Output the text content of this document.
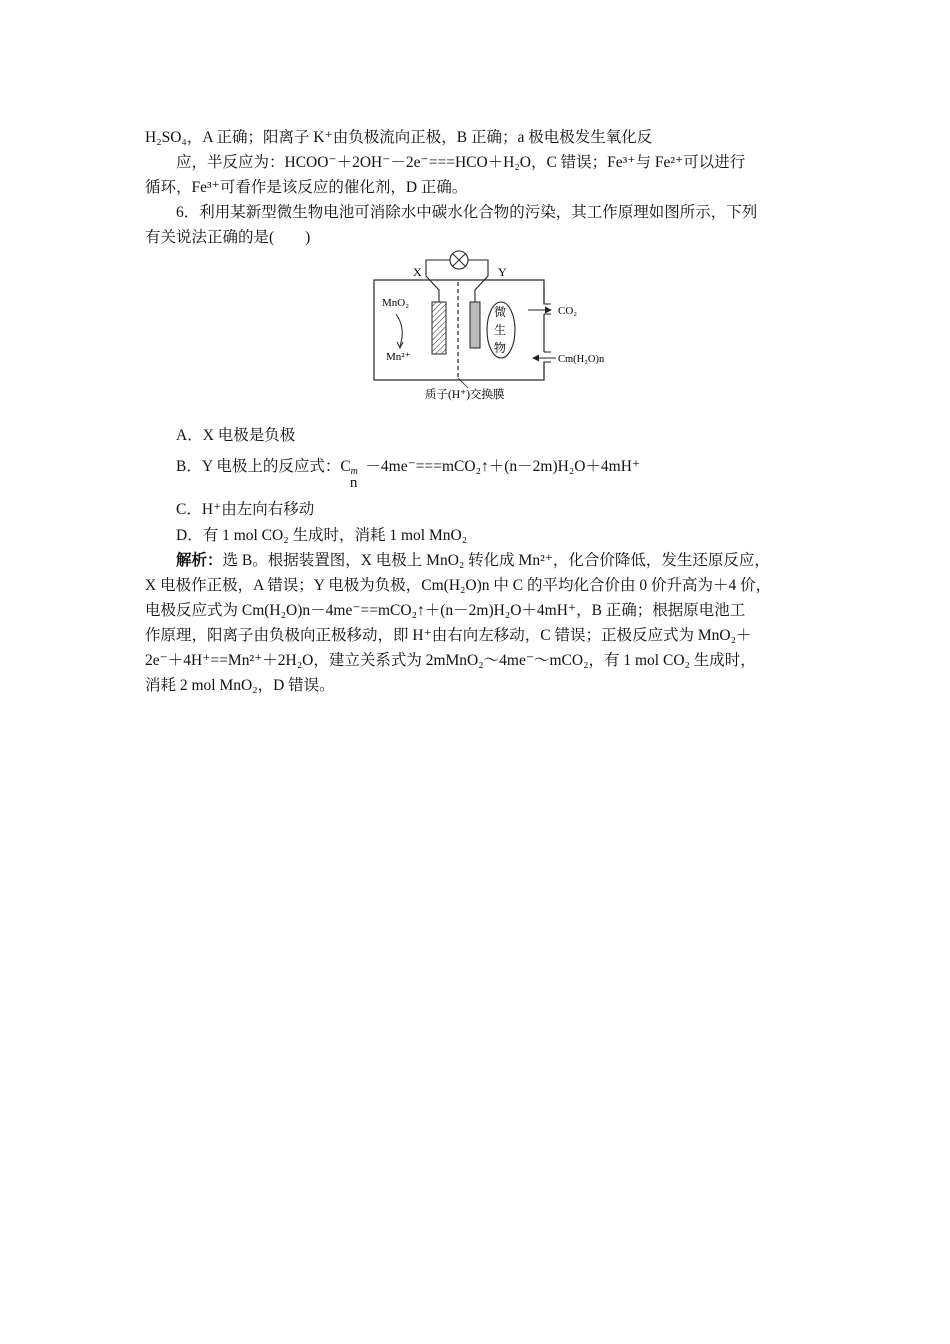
H₂SO₄，A 正确；阳离子 K⁺由负极流向正极，B 正确；a 极电极发生氧化反
应，半反应为：HCOO⁻＋2OH⁻－2e⁻===HCO＋H₂O，C 错误；Fe³⁺与 Fe²⁺可以进行
循环，Fe³⁺可看作是该反应的催化剂，D 正确。
6．利用某新型微生物电池可消除水中碳水化合物的污染，其工作原理如图所示，下列
有关说法正确的是(　　)
X	Y
MnO₂
Mn²⁺
微
生
物
CO₂
Cm(H₂O)n
质子(H⁺)交换膜
A．X 电极是负极
B．Y 电极上的反应式：Cmn－4me⁻===mCO₂↑＋(n－2m)H₂O＋4mH⁺
C．H⁺由左向右移动
D．有 1 mol CO₂ 生成时，消耗 1 mol MnO₂
解析：选 B。根据装置图，X 电极上 MnO₂ 转化成 Mn²⁺，化合价降低，发生还原反应，
X 电极作正极，A 错误；Y 电极为负极，Cm(H₂O)n 中 C 的平均化合价由 0 价升高为＋4 价，
电极反应式为 Cm(H₂O)n－4me⁻==mCO₂↑＋(n－2m)H₂O＋4mH⁺，B 正确；根据原电池工
作原理，阳离子由负极向正极移动，即 H⁺由右向左移动，C 错误；正极反应式为 MnO₂＋
2e⁻＋4H⁺==Mn²⁺＋2H₂O，建立关系式为 2mMnO₂～4me⁻～mCO₂，有 1 mol CO₂ 生成时，
消耗 2 mol MnO₂，D 错误。
